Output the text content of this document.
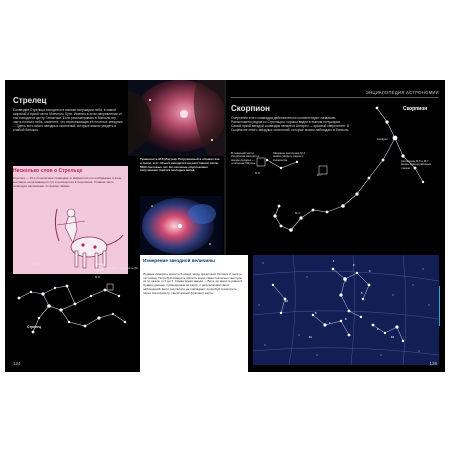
Стрелец
Созвездие Стрельца находится в южном полушарии неба, в самой широкой и яркой части Млечного Пути. Именно в этом направлении от нас находится центр Галактики. Если рассматривать в бинокль эту часть ночного неба, заметите, что пересекающие её плотные звездные ... Здесь есть много звездных скоплений, которые можно увидеть в слабый бинокль.
Туманность М 8 (Лагуна). Погруженный в облака газа и пыли, этот объект находится на расстоянии около 5000 световых лет. Её свечение обусловлено излучением горячих молодых звёзд.
Несколько слов о Стрельце
Стрелец — 15-е по величине созвездие; в мифологии его изображают в виде кентавра, натягивающего лук и целящегося в Скорпиона. Главная часть созвездия напоминает по форме чайник.
М 7
М 8
Тройная туманность (М 20)
Стрелец
124
ЭНЦИКЛОПЕДИЯ АСТРОНОМИИ
Скорпион
Очертания этого созвездия действительно соответствуют названию. Расположено рядом со Стрельцом, хорошо видно в южном полушарии. Самой яркой звездой созвездия является Антарес — красный сверхгигант. В Скорпионе много звездных скоплений, которые можно наблюдать в бинокль.
В северной части Скорпиона находится звезда Антарес — «соперник Марса».
Звездное скопление М 4 можно увидеть рядом с Антаресом.	Скопление М 6 и М 7 видны невооружённым глазом.
Скорпион
Антарес
М 4
М 6	М 7
Измерение звездной величины
Первым измерять яркость близких звёзд предложил Гиппарх 2 тысячи лет назад. Потребуй измерять яркость звезд самостоятельно: выстрои их по шкале от 0 до 3. Самая яркая звезда — Вега, её яркость равна 0. Сравни данные, приведённые на карте, с результатами своих наблюдений. Если результаты не совпадают, попробуй посмотреть через светофильтр, увеличенный фрагмент карты.
1
2
3
4
5
6
7
8
9
10
11
12
125
